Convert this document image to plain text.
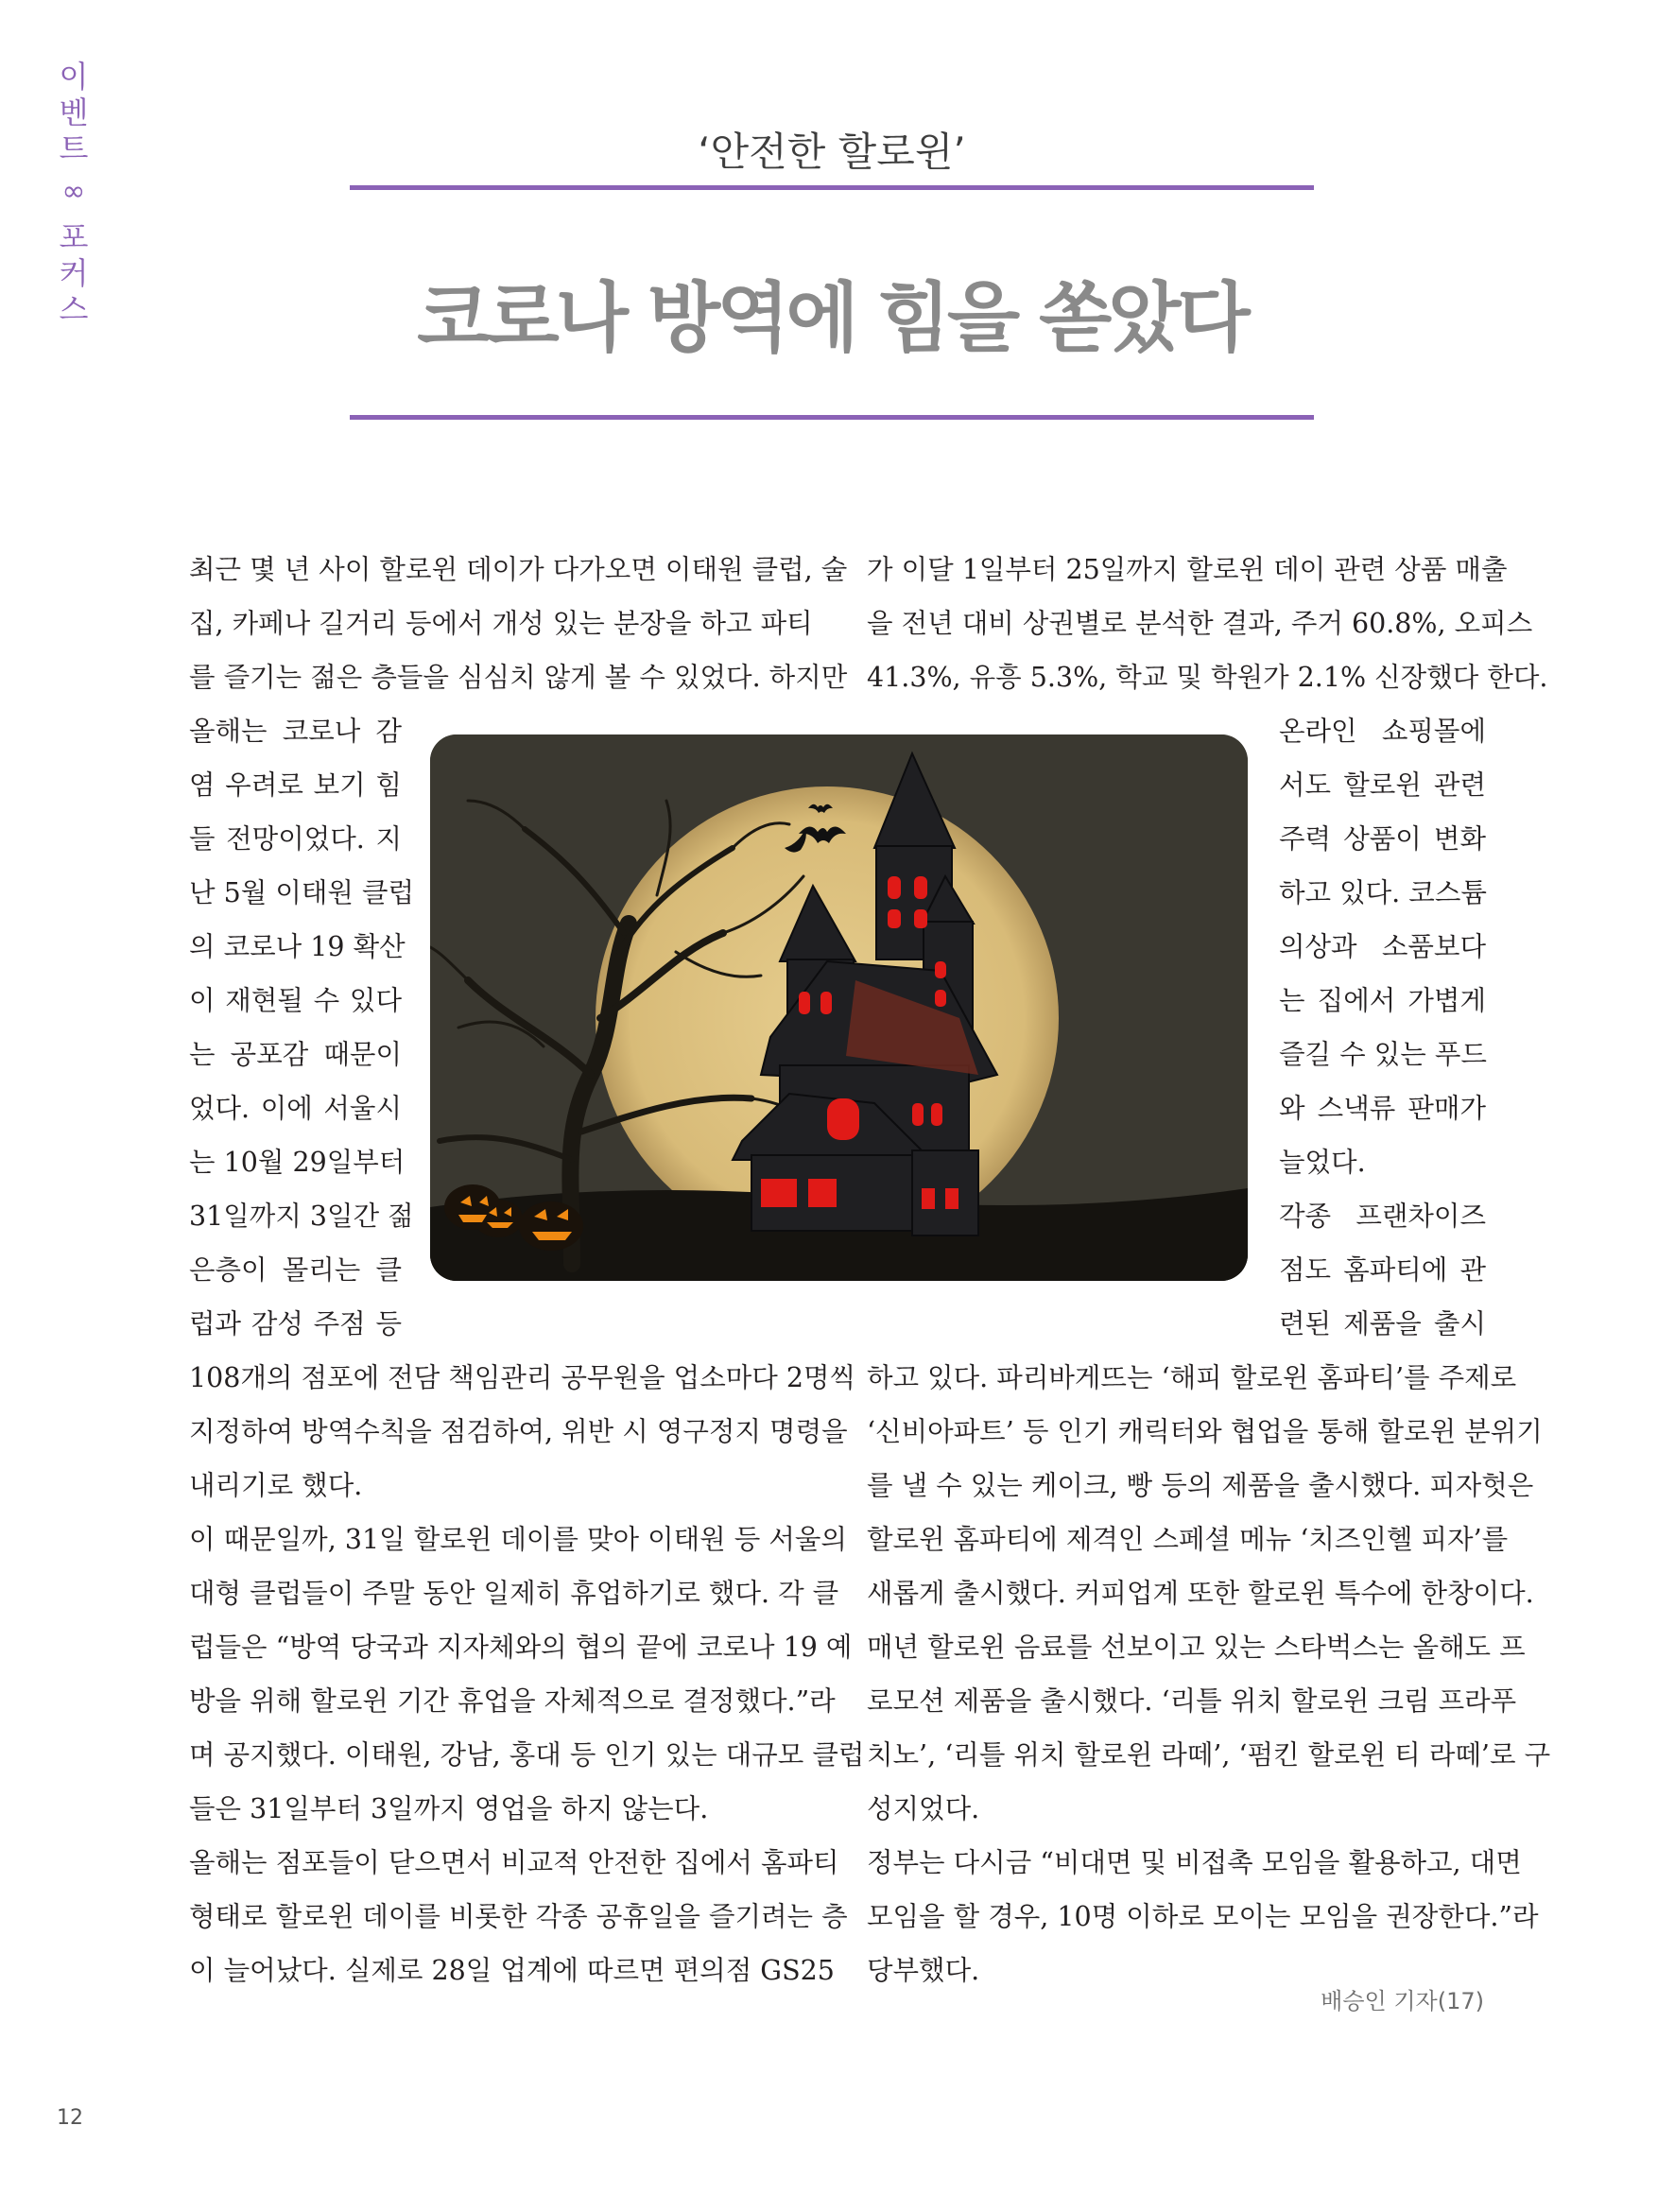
이
벤
트
∞
포
커
스
‘안전한 할로윈’
코로나 방역에 힘을 쏟았다
최근 몇 년 사이 할로윈 데이가 다가오면 이태원 클럽, 술
집, 카페나 길거리 등에서 개성 있는 분장을 하고 파티
를 즐기는 젊은 층들을 심심치 않게 볼 수 있었다. 하지만
올해는 코로나 감
염 우려로 보기 힘
들 전망이었다. 지
난 5월 이태원 클럽
의 코로나 19 확산
이 재현될 수 있다
는 공포감 때문이
었다. 이에 서울시
는 10월 29일부터
31일까지 3일간 젊
은층이 몰리는 클
럽과 감성 주점 등
108개의 점포에 전담 책임관리 공무원을 업소마다 2명씩
지정하여 방역수칙을 점검하여, 위반 시 영구정지 명령을
내리기로 했다.
이 때문일까, 31일 할로윈 데이를 맞아 이태원 등 서울의
대형 클럽들이 주말 동안 일제히 휴업하기로 했다. 각 클
럽들은 “방역 당국과 지자체와의 협의 끝에 코로나 19 예
방을 위해 할로윈 기간 휴업을 자체적으로 결정했다.”라
며 공지했다. 이태원, 강남, 홍대 등 인기 있는 대규모 클럽
들은 31일부터 3일까지 영업을 하지 않는다.
올해는 점포들이 닫으면서 비교적 안전한 집에서 홈파티
형태로 할로윈 데이를 비롯한 각종 공휴일을 즐기려는 층
이 늘어났다. 실제로 28일 업계에 따르면 편의점 GS25
가 이달 1일부터 25일까지 할로윈 데이 관련 상품 매출
을 전년 대비 상권별로 분석한 결과, 주거 60.8%, 오피스
41.3%, 유흥 5.3%, 학교 및 학원가 2.1% 신장했다 한다.
온라인 쇼핑몰에
서도 할로윈 관련
주력 상품이 변화
하고 있다. 코스튬
의상과 소품보다
는 집에서 가볍게
즐길 수 있는 푸드
와 스낵류 판매가
늘었다.
각종 프랜차이즈
점도 홈파티에 관
련된 제품을 출시
하고 있다. 파리바게뜨는 ‘해피 할로윈 홈파티’를 주제로
‘신비아파트’ 등 인기 캐릭터와 협업을 통해 할로윈 분위기
를 낼 수 있는 케이크, 빵 등의 제품을 출시했다. 피자헛은
할로윈 홈파티에 제격인 스페셜 메뉴 ‘치즈인헬 피자’를
새롭게 출시했다. 커피업계 또한 할로윈 특수에 한창이다.
매년 할로윈 음료를 선보이고 있는 스타벅스는 올해도 프
로모션 제품을 출시했다. ‘리틀 위치 할로윈 크림 프라푸
치노’, ‘리틀 위치 할로윈 라떼’, ‘펌킨 할로윈 티 라떼’로 구
성지었다.
정부는 다시금 “비대면 및 비접촉 모임을 활용하고, 대면
모임을 할 경우, 10명 이하로 모이는 모임을 권장한다.”라
당부했다.
배승인 기자(17)
12
